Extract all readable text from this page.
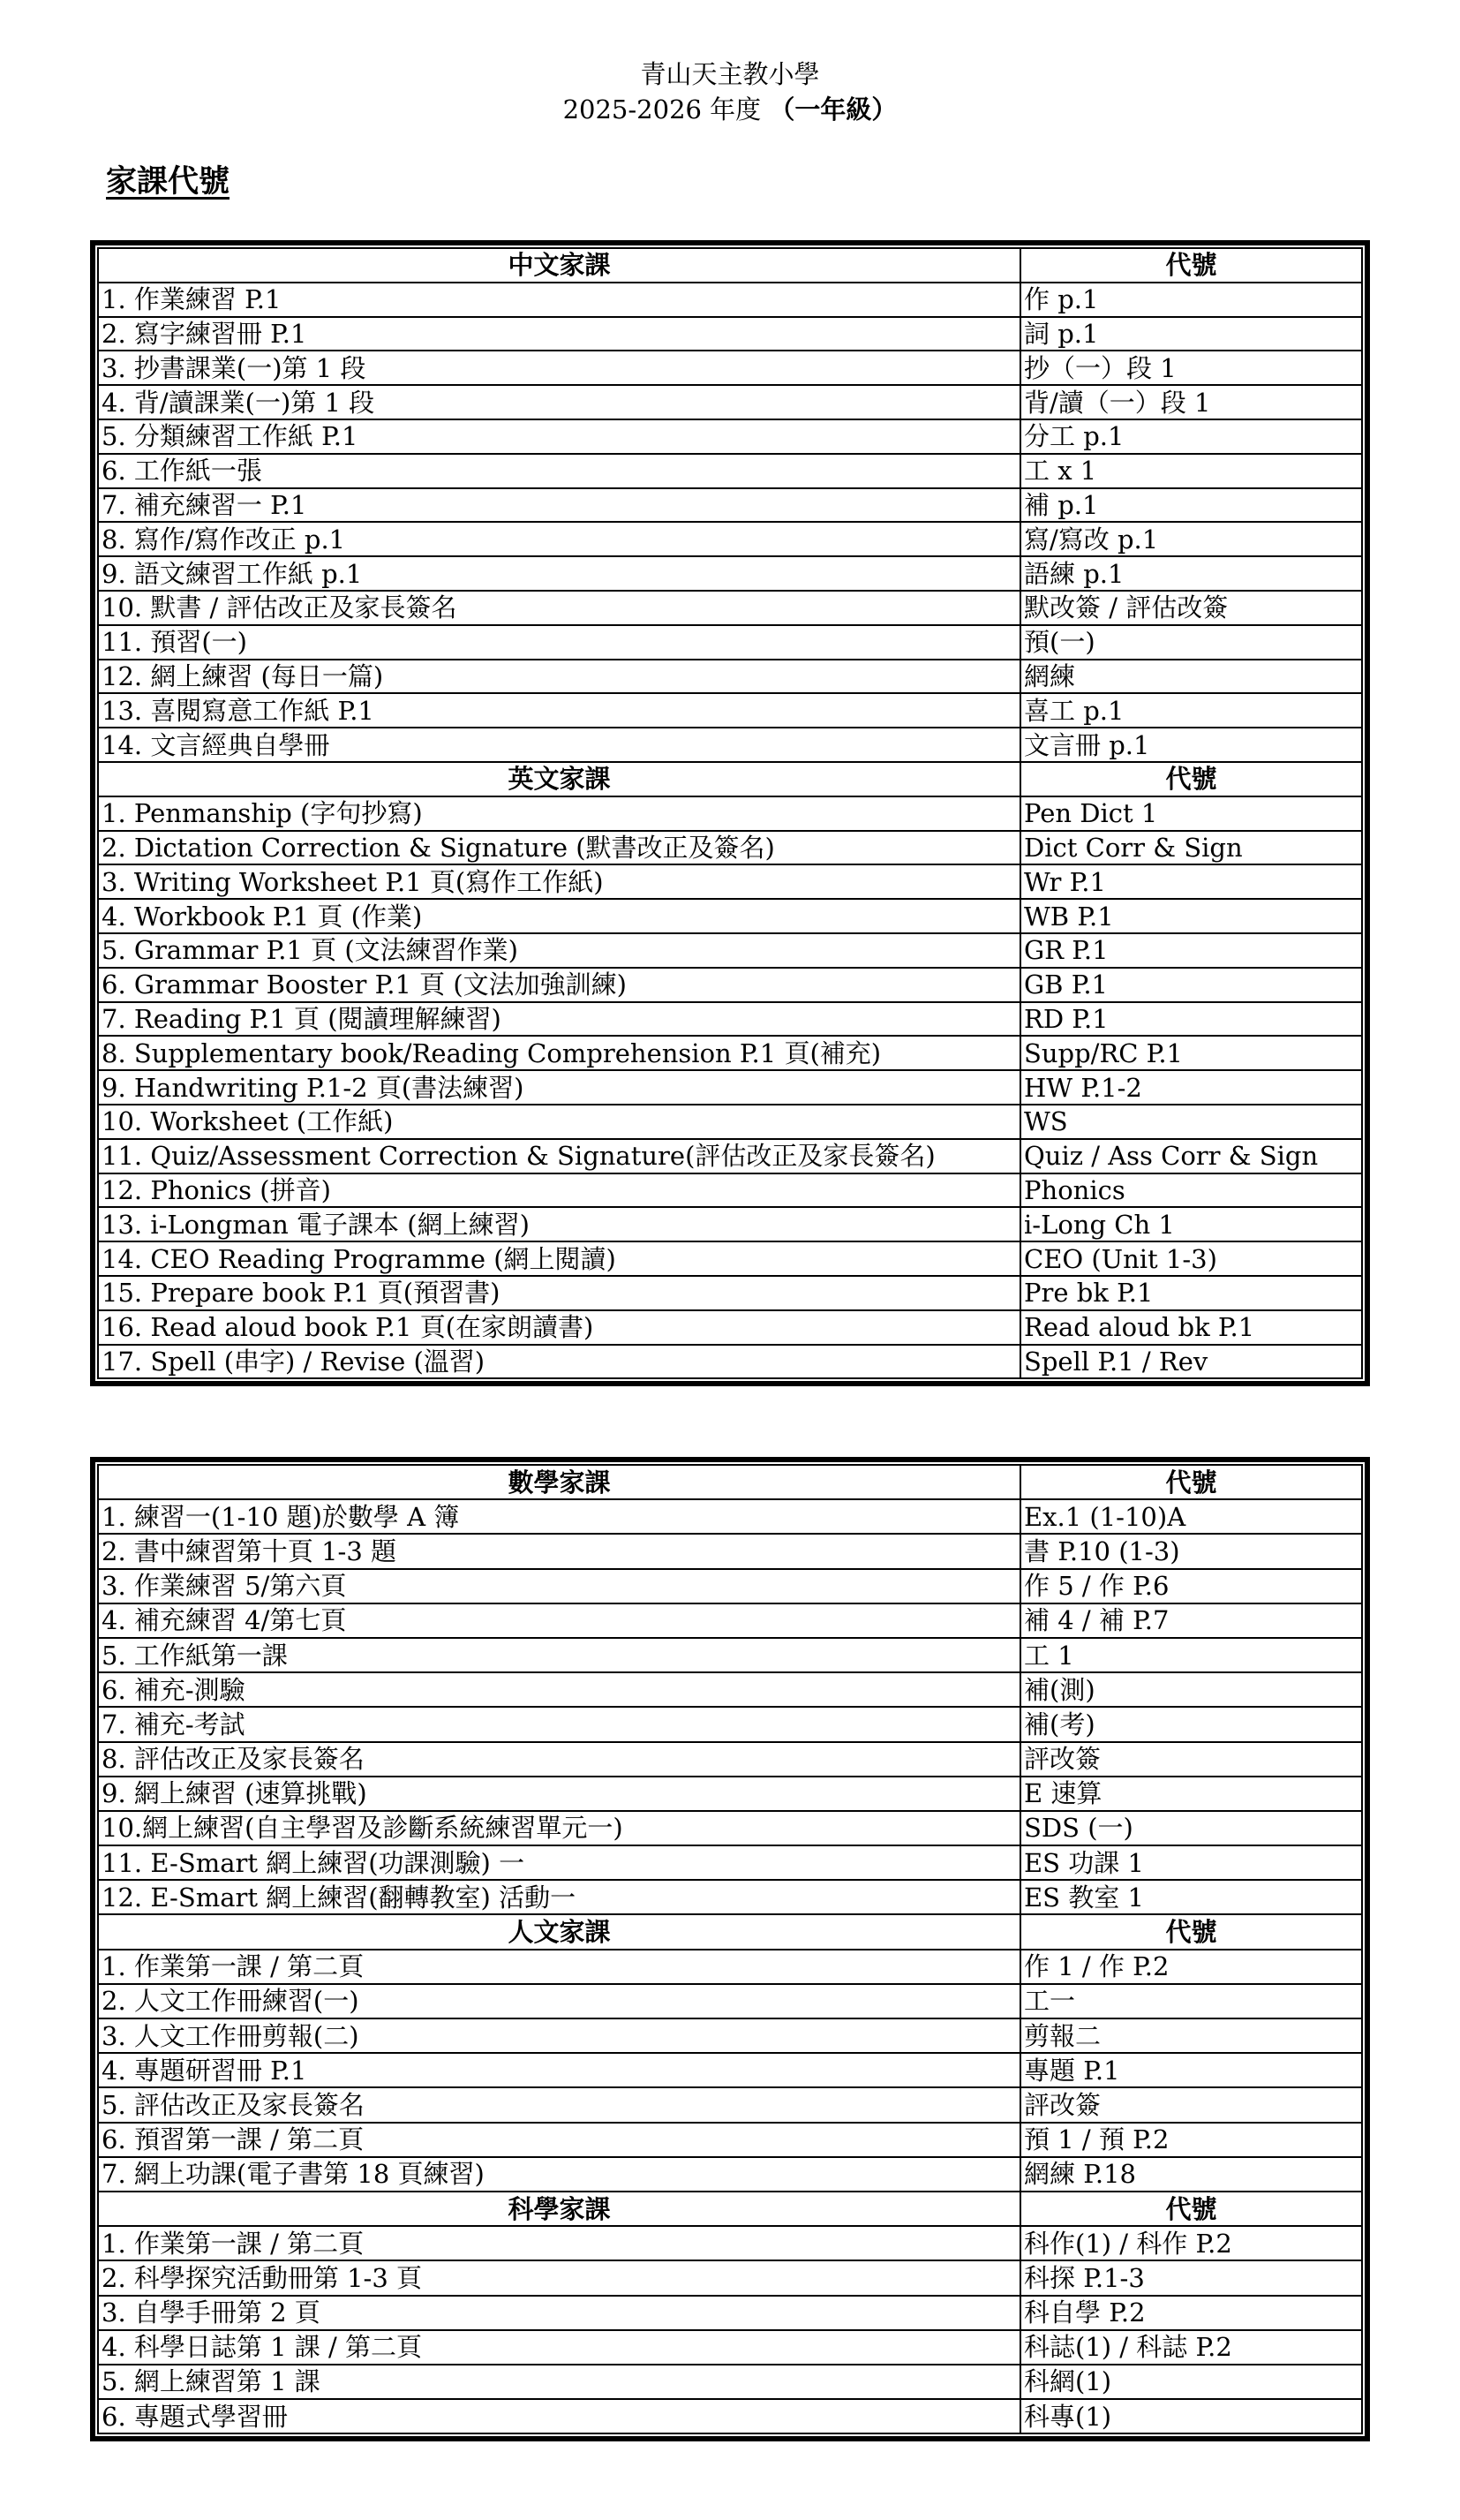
青山天主教小學
2025-2026 年度 （一年級）
家課代號
中文家課	代號
1. 作業練習 P.1	作 p.1
2. 寫字練習冊 P.1	詞 p.1
3. 抄書課業(一)第 1 段	抄（一）段 1
4. 背/讀課業(一)第 1 段	背/讀（一）段 1
5. 分類練習工作紙 P.1	分工 p.1
6. 工作紙一張	工 x 1
7. 補充練習一 P.1	補 p.1
8. 寫作/寫作改正 p.1	寫/寫改 p.1
9. 語文練習工作紙 p.1	語練 p.1
10. 默書 / 評估改正及家長簽名	默改簽 / 評估改簽
11. 預習(一)	預(一)
12. 網上練習 (每日一篇)	網練
13. 喜閱寫意工作紙 P.1	喜工 p.1
14. 文言經典自學冊	文言冊 p.1
英文家課	代號
1. Penmanship (字句抄寫)	Pen Dict 1
2. Dictation Correction & Signature (默書改正及簽名)	Dict Corr & Sign
3. Writing Worksheet P.1 頁(寫作工作紙)	Wr P.1
4. Workbook P.1 頁 (作業)	WB P.1
5. Grammar P.1 頁 (文法練習作業)	GR P.1
6. Grammar Booster P.1 頁 (文法加強訓練)	GB P.1
7. Reading P.1 頁 (閱讀理解練習)	RD P.1
8. Supplementary book/Reading Comprehension P.1 頁(補充)	Supp/RC P.1
9. Handwriting P.1-2 頁(書法練習)	HW P.1-2
10. Worksheet (工作紙)	WS
11. Quiz/Assessment Correction & Signature(評估改正及家長簽名)	Quiz / Ass Corr & Sign
12. Phonics (拼音)	Phonics
13. i-Longman 電子課本 (網上練習)	i-Long Ch 1
14. CEO Reading Programme (網上閱讀)	CEO (Unit 1-3)
15. Prepare book P.1 頁(預習書)	Pre bk P.1
16. Read aloud book P.1 頁(在家朗讀書)	Read aloud bk P.1
17. Spell (串字) / Revise (溫習)	Spell P.1 / Rev
數學家課	代號
1. 練習一(1-10 題)於數學 A 簿	Ex.1 (1-10)A
2. 書中練習第十頁 1-3 題	書 P.10 (1-3)
3. 作業練習 5/第六頁	作 5 / 作 P.6
4. 補充練習 4/第七頁	補 4 / 補 P.7
5. 工作紙第一課	工 1
6. 補充-測驗	補(測)
7. 補充-考試	補(考)
8. 評估改正及家長簽名	評改簽
9. 網上練習 (速算挑戰)	E 速算
10.網上練習(自主學習及診斷系統練習單元一)	SDS (一)
11. E-Smart 網上練習(功課測驗) 一	ES 功課 1
12. E-Smart 網上練習(翻轉教室) 活動一	ES 教室 1
人文家課	代號
1. 作業第一課 / 第二頁	作 1 / 作 P.2
2. 人文工作冊練習(一)	工一
3. 人文工作冊剪報(二)	剪報二
4. 專題研習冊 P.1	專題 P.1
5. 評估改正及家長簽名	評改簽
6. 預習第一課 / 第二頁	預 1 / 預 P.2
7. 網上功課(電子書第 18 頁練習)	網練 P.18
科學家課	代號
1. 作業第一課 / 第二頁	科作(1) / 科作 P.2
2. 科學探究活動冊第 1-3 頁	科探 P.1-3
3. 自學手冊第 2 頁	科自學 P.2
4. 科學日誌第 1 課 / 第二頁	科誌(1) / 科誌 P.2
5. 網上練習第 1 課	科網(1)
6. 專題式學習冊	科專(1)
